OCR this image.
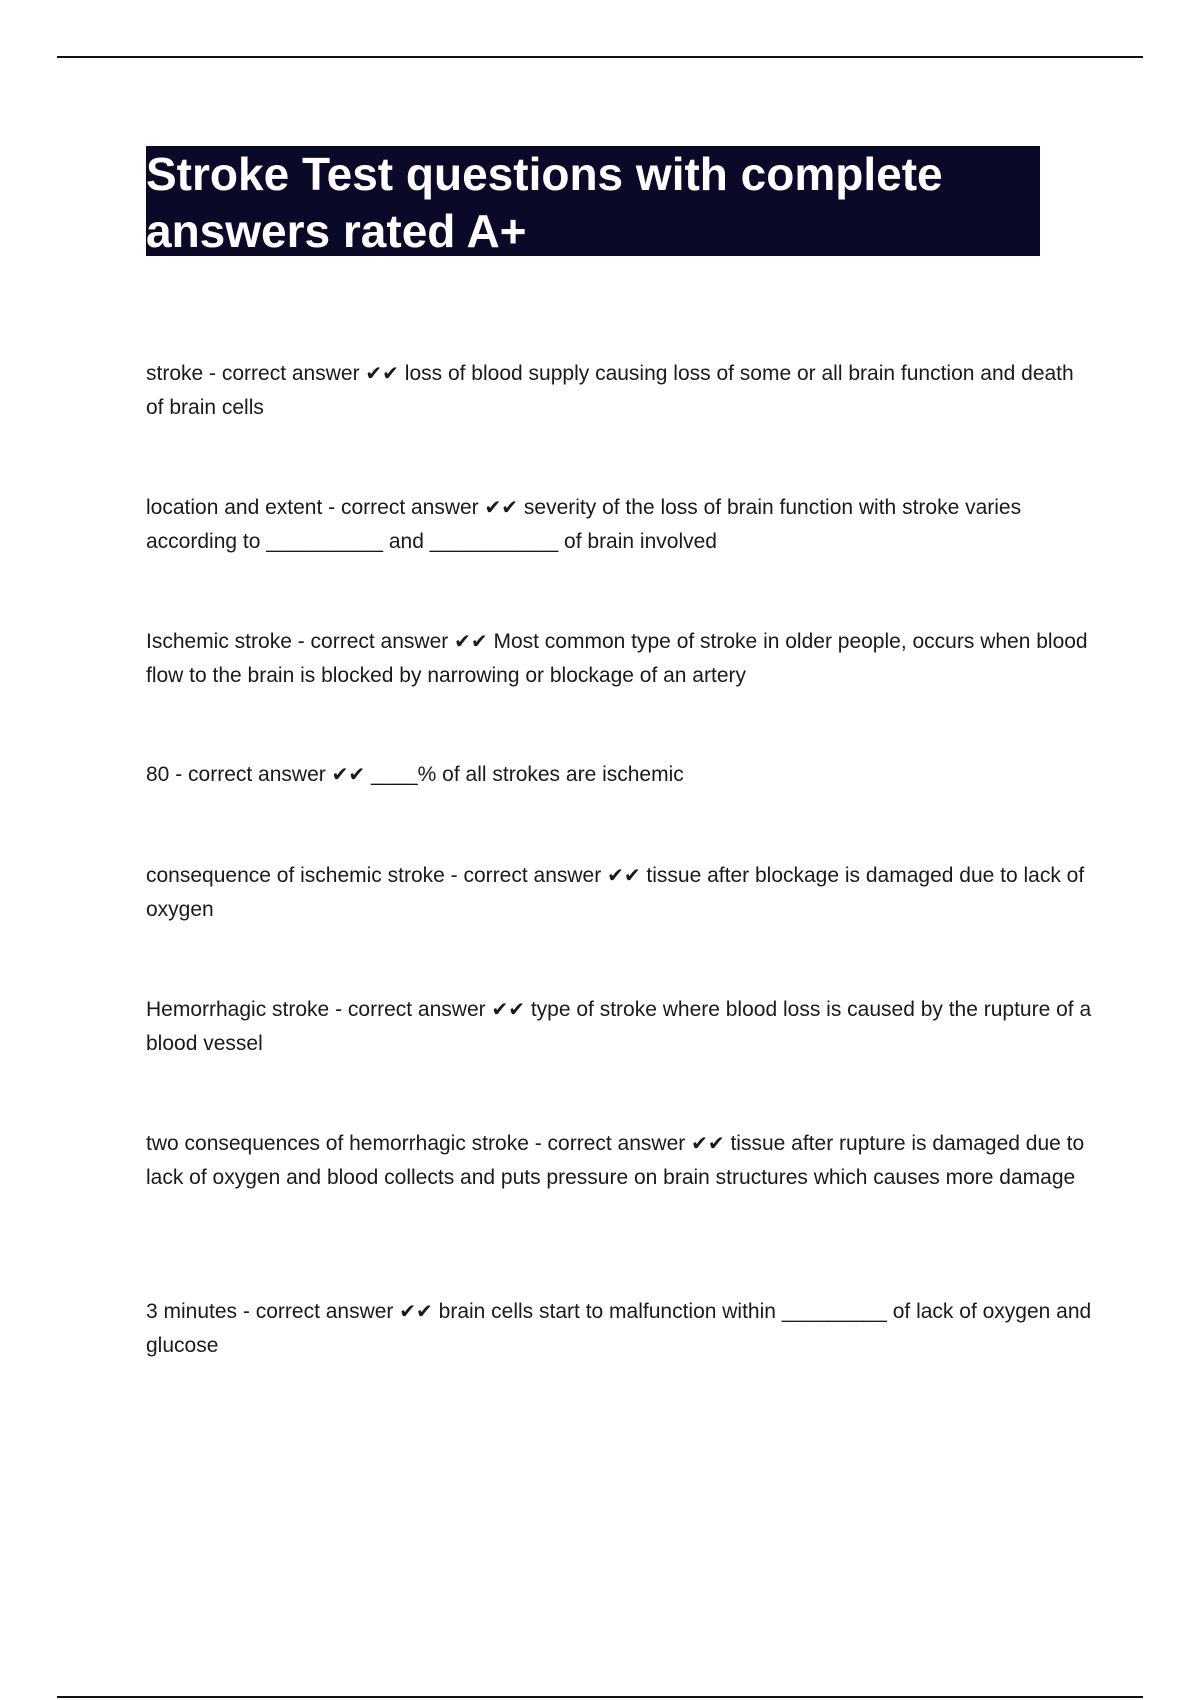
Stroke Test questions with complete answers rated A+

stroke - correct answer ✔✔ loss of blood supply causing loss of some or all brain function and death of brain cells

location and extent - correct answer ✔✔ severity of the loss of brain function with stroke varies according to __________ and ___________ of brain involved

Ischemic stroke - correct answer ✔✔ Most common type of stroke in older people, occurs when blood flow to the brain is blocked by narrowing or blockage of an artery

80 - correct answer ✔✔ ____% of all strokes are ischemic

consequence of ischemic stroke - correct answer ✔✔ tissue after blockage is damaged due to lack of oxygen

Hemorrhagic stroke - correct answer ✔✔ type of stroke where blood loss is caused by the rupture of a blood vessel

two consequences of hemorrhagic stroke - correct answer ✔✔ tissue after rupture is damaged due to lack of oxygen and blood collects and puts pressure on brain structures which causes more damage

3 minutes - correct answer ✔✔ brain cells start to malfunction within _________ of lack of oxygen and glucose
